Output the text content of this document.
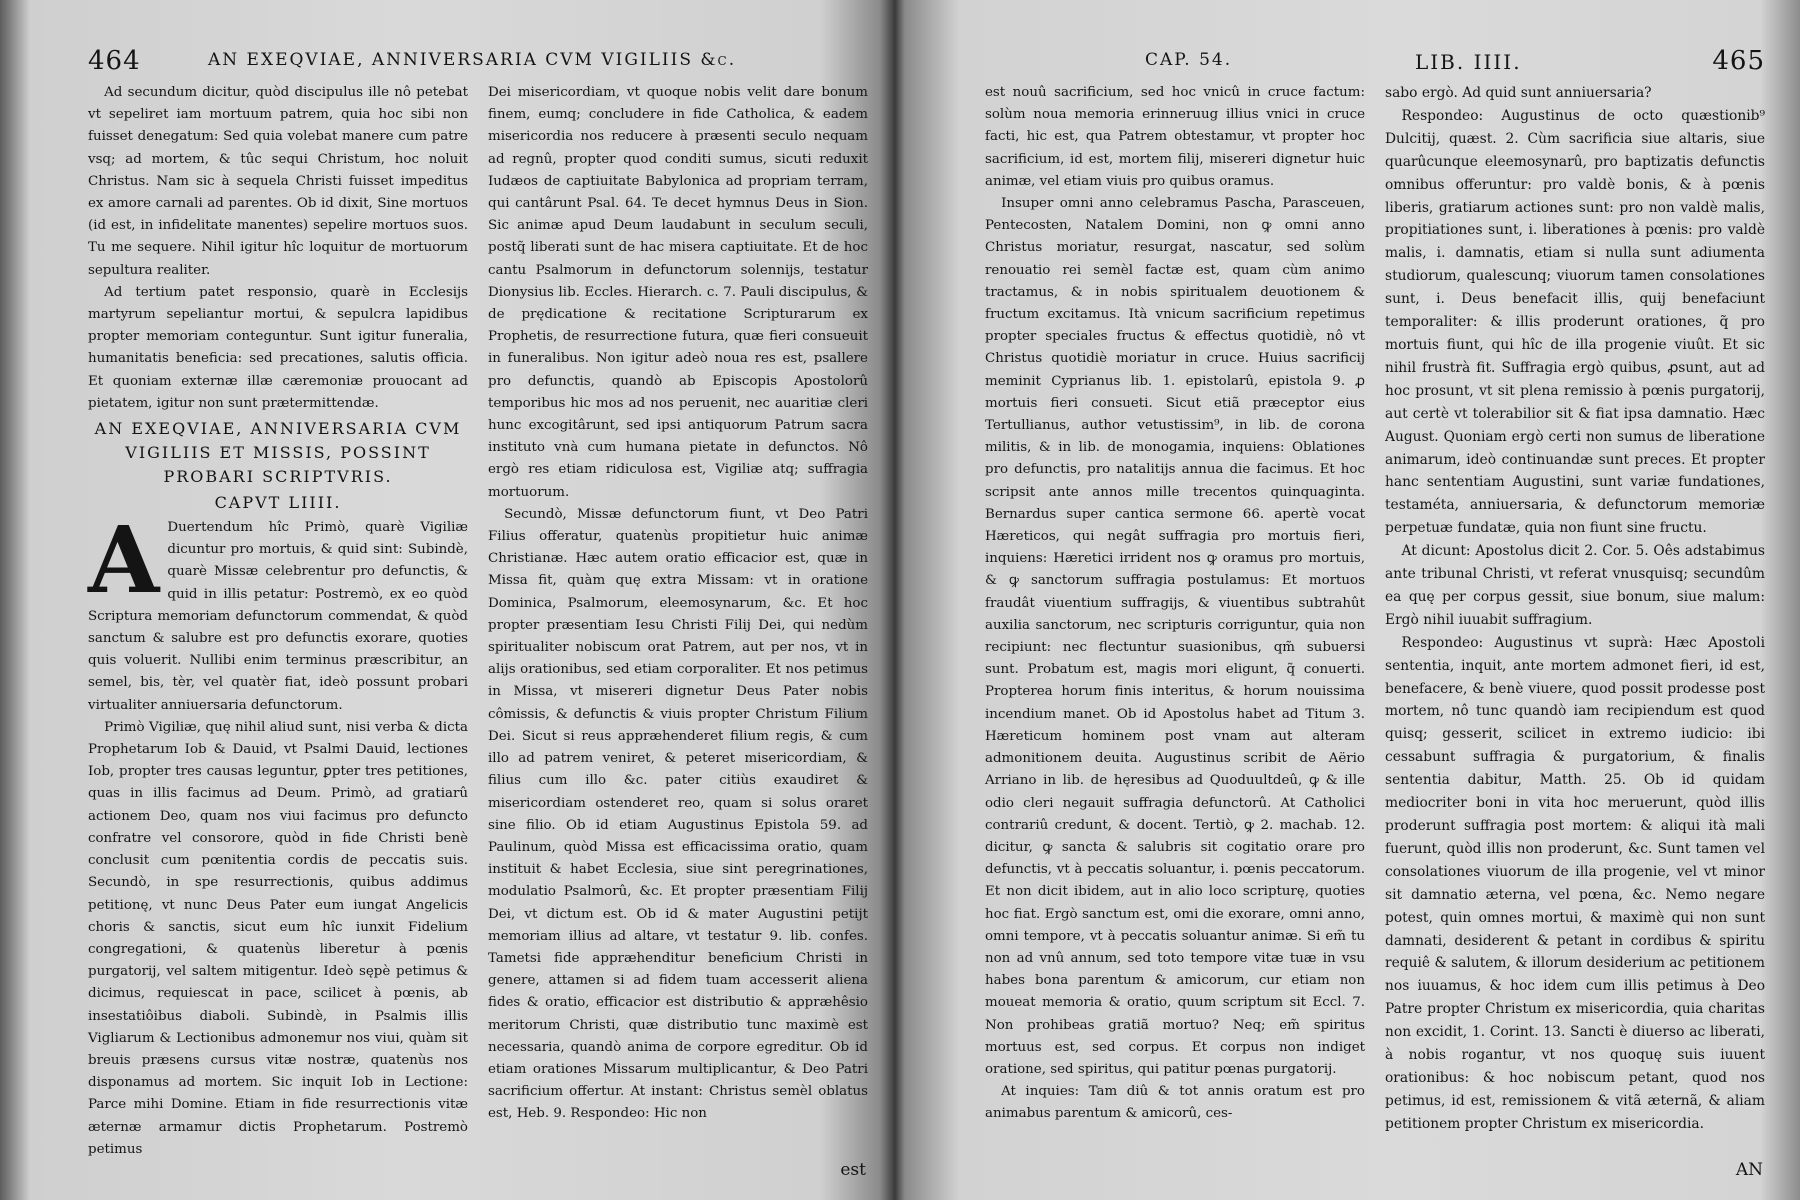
464	AN EXEQVIAE, ANNIVERSARIA CVM VIGILIIS &c.

Ad secundum dicitur, quòd discipulus ille nô petebat vt sepeliret iam mortuum patrem, quia hoc sibi non fuisset denegatum: Sed quia volebat manere cum patre vsq; ad mortem, & tûc sequi Christum, hoc noluit Christus. Nam sic à sequela Christi fuisset impeditus ex amore carnali ad parentes. Ob id dixit, Sine mortuos (id est, in infidelitate manentes) sepelire mortuos suos. Tu me sequere. Nihil igitur hîc loquitur de mortuorum sepultura realiter.

Ad tertium patet responsio, quarè in Ecclesijs martyrum sepeliantur mortui, & sepulcra lapidibus propter memoriam conteguntur. Sunt igitur funeralia, humanitatis beneficia: sed precationes, salutis officia. Et quoniam externæ illæ cæremoniæ prouocant ad pietatem, igitur non sunt prætermittendæ.

AN EXEQVIAE, ANNIVERSARIA CVM VIGILIIS ET MISSIS, POSSINT PROBARI SCRIPTVRIS.

CAPVT LIIII.

A Duertendum hîc Primò, quarè Vigiliæ dicuntur pro mortuis, & quid sint: Subindè, quarè Missæ celebrentur pro defunctis, & quid in illis petatur: Postremò, ex eo quòd Scriptura memoriam defunctorum commendat, & quòd sanctum & salubre est pro defunctis exorare, quoties quis voluerit. Nullibi enim terminus præscribitur, an semel, bis, tèr, vel quatèr fiat, ideò possunt probari virtualiter anniuersaria defunctorum.

Primò Vigiliæ, quę nihil aliud sunt, nisi verba & dicta Prophetarum Iob & Dauid, vt Psalmi Dauid, lectiones Iob, propter tres causas leguntur, ꝑpter tres petitiones, quas in illis facimus ad Deum. Primò, ad gratiarû actionem Deo, quam nos viui facimus pro defuncto confratre vel consorore, quòd in fide Christi benè conclusit cum pœnitentia cordis de peccatis suis. Secundò, in spe resurrectionis, quibus addimus petitionę, vt nunc Deus Pater eum iungat Angelicis choris & sanctis, sicut eum hîc iunxit Fidelium congregationi, & quatenùs liberetur à pœnis purgatorij, vel saltem mitigentur. Ideò sępè petimus & dicimus, requiescat in pace, scilicet à pœnis, ab insestatiôibus diaboli. Subindè, in Psalmis illis Vigliarum & Lectionibus admonemur nos viui, quàm sit breuis præsens cursus vitæ nostræ, quatenùs nos disponamus ad mortem. Sic inquit Iob in Lectione: Parce mihi Domine. Etiam in fide resurrectionis vitæ æternæ armamur dictis Prophetarum. Postremò petimus

Dei misericordiam, vt quoque nobis velit dare bonum finem, eumq; concludere in fide Catholica, & eadem misericordia nos reducere à præsenti seculo nequam ad regnû, propter quod conditi sumus, sicuti reduxit Iudæos de captiuitate Babylonica ad propriam terram, qui cantârunt Psal. 64. Te decet hymnus Deus in Sion. Sic animæ apud Deum laudabunt in seculum seculi, postq̃ liberati sunt de hac misera captiuitate. Et de hoc cantu Psalmorum in defunctorum solennijs, testatur Dionysius lib. Eccles. Hierarch. c. 7. Pauli discipulus, & de prędicatione & recitatione Scripturarum ex Prophetis, de resurrectione futura, quæ fieri consueuit in funeralibus. Non igitur adeò noua res est, psallere pro defunctis, quandò ab Episcopis Apostolorû temporibus hic mos ad nos peruenit, nec auaritiæ cleri hunc excogitârunt, sed ipsi antiquorum Patrum sacra instituto vnà cum humana pietate in defunctos. Nô ergò res etiam ridiculosa est, Vigiliæ atq; suffragia mortuorum.

Secundò, Missæ defunctorum fiunt, vt Deo Patri Filius offeratur, quatenùs propitietur huic animæ Christianæ. Hæc autem oratio efficacior est, quæ in Missa fit, quàm quę extra Missam: vt in oratione Dominica, Psalmorum, eleemosynarum, &c. Et hoc propter præsentiam Iesu Christi Filij Dei, qui nedùm spiritualiter nobiscum orat Patrem, aut per nos, vt in alijs orationibus, sed etiam corporaliter. Et nos petimus in Missa, vt misereri dignetur Deus Pater nobis cômissis, & defunctis & viuis propter Christum Filium Dei. Sicut si reus appræhenderet filium regis, & cum illo ad patrem veniret, & peteret misericordiam, & filius cum illo &c. pater citiùs exaudiret & misericordiam ostenderet reo, quam si solus oraret sine filio. Ob id etiam Augustinus Epistola 59. ad Paulinum, quòd Missa est efficacissima oratio, quam instituit & habet Ecclesia, siue sint peregrinationes, modulatio Psalmorû, &c. Et propter præsentiam Filij Dei, vt dictum est. Ob id & mater Augustini petijt memoriam illius ad altare, vt testatur 9. lib. confes. Tametsi fide appræhenditur beneficium Christi in genere, attamen si ad fidem tuam accesserit aliena fides & oratio, efficacior est distributio & appræhêsio meritorum Christi, quæ distributio tunc maximè est necessaria, quandò anima de corpore egreditur. Ob id etiam orationes Missarum multiplicantur, & Deo Patri sacrificium offertur. At instant: Christus semèl oblatus est, Heb. 9. Respondeo: Hic non

est
CAP. 54.	LIB. IIII.	465

est nouû sacrificium, sed hoc vnicû in cruce factum: solùm noua memoria erinneruug illius vnici in cruce facti, hic est, qua Patrem obtestamur, vt propter hoc sacrificium, id est, mortem filij, misereri dignetur huic animæ, vel etiam viuis pro quibus oramus.

Insuper omni anno celebramus Pascha, Parasceuen, Pentecosten, Natalem Domini, non ꝙ omni anno Christus moriatur, resurgat, nascatur, sed solùm renouatio rei semèl factæ est, quam cùm animo tractamus, & in nobis spiritualem deuotionem & fructum excitamus. Ità vnicum sacrificium repetimus propter speciales fructus & effectus quotidiè, nô vt Christus quotidiè moriatur in cruce. Huius sacrificij meminit Cyprianus lib. 1. epistolarû, epistola 9. ꝓ mortuis fieri consueti. Sicut etiã præceptor eius Tertullianus, author vetustissim⁹, in lib. de corona militis, & in lib. de monogamia, inquiens: Oblationes pro defunctis, pro natalitijs annua die facimus. Et hoc scripsit ante annos mille trecentos quinquaginta. Bernardus super cantica sermone 66. apertè vocat Hæreticos, qui negât suffragia pro mortuis fieri, inquiens: Hæretici irrident nos ꝙ oramus pro mortuis, & ꝙ sanctorum suffragia postulamus: Et mortuos fraudât viuentium suffragijs, & viuentibus subtrahût auxilia sanctorum, nec scripturis corriguntur, quia non recipiunt: nec flectuntur suasionibus, qm̃ subuersi sunt. Probatum est, magis mori eligunt, q̃ conuerti. Propterea horum finis interitus, & horum nouissima incendium manet. Ob id Apostolus habet ad Titum 3. Hæreticum hominem post vnam aut alteram admonitionem deuita. Augustinus scribit de Aërio Arriano in lib. de hęresibus ad Quoduultdeû, ꝙ & ille odio cleri negauit suffragia defunctorû. At Catholici contrariû credunt, & docent. Tertiò, ꝙ 2. machab. 12. dicitur, ꝙ sancta & salubris sit cogitatio orare pro defunctis, vt à peccatis soluantur, i. pœnis peccatorum. Et non dicit ibidem, aut in alio loco scripturę, quoties hoc fiat. Ergò sanctum est, omi die exorare, omni anno, omni tempore, vt à peccatis soluantur animæ. Si em̃ tu non ad vnû annum, sed toto tempore vitæ tuæ in vsu habes bona parentum & amicorum, cur etiam non moueat memoria & oratio, quum scriptum sit Eccl. 7. Non prohibeas gratiã mortuo? Neq; em̃ spiritus mortuus est, sed corpus. Et corpus non indiget oratione, sed spiritus, qui patitur pœnas purgatorij.

At inquies: Tam diû & tot annis oratum est pro animabus parentum & amicorû, ces-

sabo ergò. Ad quid sunt anniuersaria?

Respondeo: Augustinus de octo quæstionib⁹ Dulcitij, quæst. 2. Cùm sacrificia siue altaris, siue quarûcunque eleemosynarû, pro baptizatis defunctis omnibus offeruntur: pro valdè bonis, & à pœnis liberis, gratiarum actiones sunt: pro non valdè malis, propitiationes sunt, i. liberationes à pœnis: pro valdè malis, i. damnatis, etiam si nulla sunt adiumenta studiorum, qualescunq; viuorum tamen consolationes sunt, i. Deus benefacit illis, quij benefaciunt temporaliter: & illis proderunt orationes, q̃ pro mortuis fiunt, qui hîc de illa progenie viuût. Et sic nihil frustrà fit. Suffragia ergò quibus, ꝓsunt, aut ad hoc prosunt, vt sit plena remissio à pœnis purgatorij, aut certè vt tolerabilior sit & fiat ipsa damnatio. Hæc August. Quoniam ergò certi non sumus de liberatione animarum, ideò continuandæ sunt preces. Et propter hanc sententiam Augustini, sunt variæ fundationes, testaméta, anniuersaria, & defunctorum memoriæ perpetuæ fundatæ, quia non fiunt sine fructu.

At dicunt: Apostolus dicit 2. Cor. 5. Oês adstabimus ante tribunal Christi, vt referat vnusquisq; secundûm ea quę per corpus gessit, siue bonum, siue malum: Ergò nihil iuuabit suffragium.

Respondeo: Augustinus vt suprà: Hæc Apostoli sententia, inquit, ante mortem admonet fieri, id est, benefacere, & benè viuere, quod possit prodesse post mortem, nô tunc quandò iam recipiendum est quod quisq; gesserit, scilicet in extremo iudicio: ibi cessabunt suffragia & purgatorium, & finalis sententia dabitur, Matth. 25. Ob id quidam mediocriter boni in vita hoc meruerunt, quòd illis proderunt suffragia post mortem: & aliqui ità mali fuerunt, quòd illis non proderunt, &c. Sunt tamen vel consolationes viuorum de illa progenie, vel vt minor sit damnatio æterna, vel pœna, &c. Nemo negare potest, quin omnes mortui, & maximè qui non sunt damnati, desiderent & petant in cordibus & spiritu requiê & salutem, & illorum desiderium ac petitionem nos iuuamus, & hoc idem cum illis petimus à Deo Patre propter Christum ex misericordia, quia charitas non excidit, 1. Corint. 13. Sancti è diuerso ac liberati, à nobis rogantur, vt nos quoquę suis iuuent orationibus: & hoc nobiscum petant, quod nos petimus, id est, remissionem & vitã æternã, & aliam petitionem propter Christum ex misericordia.

AN
